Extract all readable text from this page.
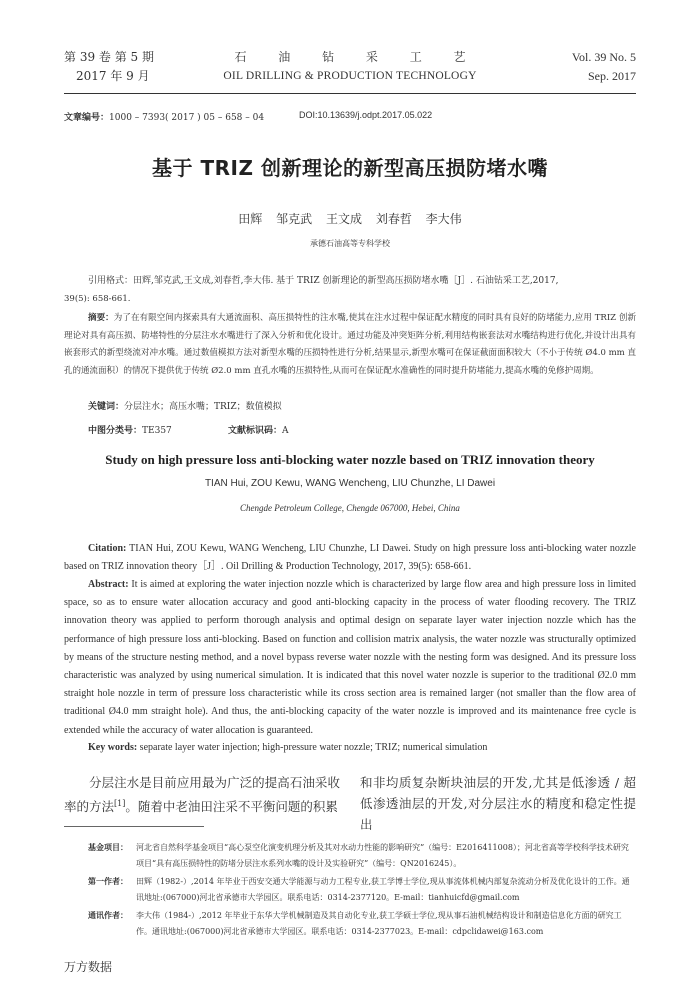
第 39 卷 第 5 期
2017 年 9 月
石 油 钻 采 工 艺
OIL DRILLING & PRODUCTION TECHNOLOGY
Vol. 39 No. 5
Sep. 2017
文章编号：1000 – 7393( 2017 ) 05 – 658 – 04	DOI:10.13639/j.odpt.2017.05.022
基于 TRIZ 创新理论的新型高压损防堵水嘴
田辉 邹克武 王文成 刘春哲 李大伟
承德石油高等专科学校
引用格式：田辉,邹克武,王文成,刘春哲,李大伟. 基于 TRIZ 创新理论的新型高压损防堵水嘴［J］. 石油钻采工艺,2017,
39(5): 658-661.
摘要：为了在有限空间内探索具有大通流面积、高压损特性的注水嘴,使其在注水过程中保证配水精度的同时具有良好的防堵能力,应用 TRIZ 创新理论对具有高压损、防堵特性的分层注水水嘴进行了深入分析和优化设计。通过功能及冲突矩阵分析,利用结构嵌套法对水嘴结构进行优化,并设计出具有嵌套形式的新型绕流对冲水嘴。通过数值模拟方法对新型水嘴的压损特性进行分析,结果显示,新型水嘴可在保证截面面积较大（不小于传统 Ø4.0 mm 直孔的通流面积）的情况下提供优于传统 Ø2.0 mm 直孔水嘴的压损特性,从而可在保证配水准确性的同时提升防堵能力,提高水嘴的免修护周期。
关键词：分层注水；高压水嘴；TRIZ；数值模拟
中图分类号：TE357	文献标识码：A
Study on high pressure loss anti-blocking water nozzle based on TRIZ innovation theory
TIAN Hui, ZOU Kewu, WANG Wencheng, LIU Chunzhe, LI Dawei
Chengde Petroleum College, Chengde 067000, Hebei, China
Citation: TIAN Hui, ZOU Kewu, WANG Wencheng, LIU Chunzhe, LI Dawei. Study on high pressure loss anti-blocking water nozzle based on TRIZ innovation theory［J］. Oil Drilling & Production Technology, 2017, 39(5): 658-661.
Abstract: It is aimed at exploring the water injection nozzle which is characterized by large flow area and high pressure loss in limited space, so as to ensure water allocation accuracy and good anti-blocking capacity in the process of water flooding recovery. The TRIZ innovation theory was applied to perform thorough analysis and optimal design on separate layer water injection nozzle which has the performance of high pressure loss anti-blocking. Based on function and collision matrix analysis, the water nozzle was structurally optimized by means of the structure nesting method, and a novel bypass reverse water nozzle with the nesting form was designed. And its pressure loss characteristic was analyzed by using numerical simulation. It is indicated that this novel water nozzle is superior to the traditional Ø2.0 mm straight hole nozzle in term of pressure loss characteristic while its cross section area is remained larger (not smaller than the flow area of traditional Ø4.0 mm straight hole). And thus, the anti-blocking capacity of the water nozzle is improved and its maintenance free cycle is extended while the accuracy of water allocation is guaranteed.
Key words: separate layer water injection; high-pressure water nozzle; TRIZ; numerical simulation

分层注水是目前应用最为广泛的提高石油采收率的方法[1]。随着中老油田注采不平衡问题的积累

和非均质复杂断块油层的开发,尤其是低渗透 / 超低渗透油层的开发,对分层注水的精度和稳定性提出

基金项目： 河北省自然科学基金项目“高心泵空化演变机理分析及其对水动力性能的影响研究”（编号：E2016411008）；河北省高等学校科学技术研究项目“具有高压损特性的防堵分层注水系列水嘴的设计及实验研究”（编号：QN2016245）。
第一作者： 田辉（1982-）,2014 年毕业于西安交通大学能源与动力工程专业,获工学博士学位,现从事流体机械内部复杂流动分析及优化设计的工作。通讯地址:(067000)河北省承德市大学园区。联系电话：0314-2377120。E-mail：tianhuicfd@gmail.com
通讯作者： 李大伟（1984-）,2012 年毕业于东华大学机械制造及其自动化专业,获工学硕士学位,现从事石油机械结构设计和制造信息化方面的研究工作。通讯地址:(067000)河北省承德市大学园区。联系电话：0314-2377023。E-mail：cdpclidawei@163.com
万方数据
